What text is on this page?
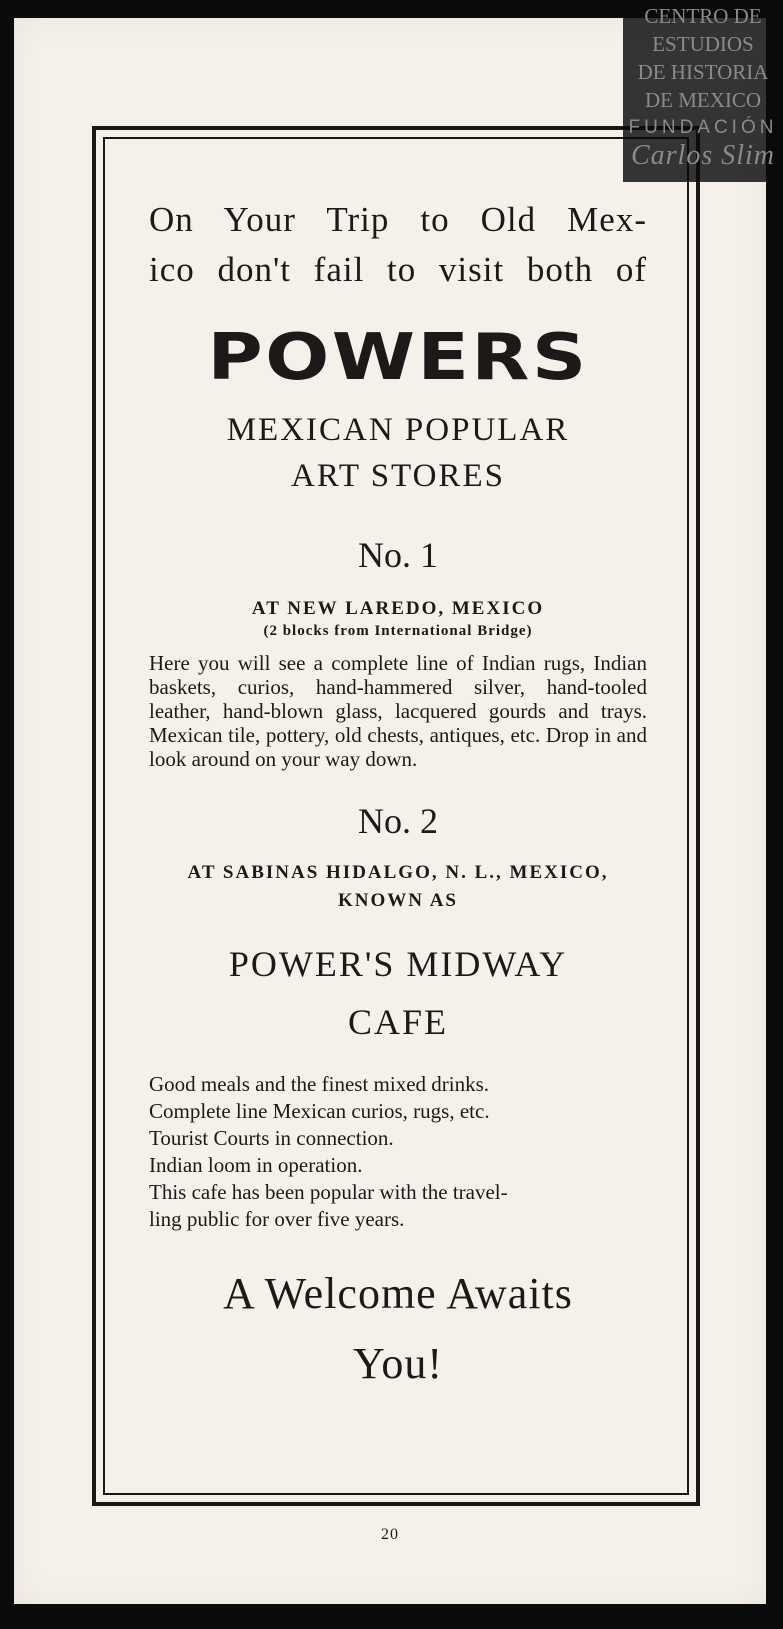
On Your Trip to Old Mex-

ico don't fail to visit both of

POWERS
MEXICAN POPULAR
ART STORES
No. 1
AT NEW LAREDO, MEXICO
(2 blocks from International Bridge)
Here you will see a complete line of Indian rugs, Indian baskets, curios, hand-hammered silver, hand-tooled leather, hand-blown glass, lacquered gourds and trays. Mexican tile, pottery, old chests, antiques, etc. Drop in and look around on your way down.
No. 2
AT SABINAS HIDALGO, N. L., MEXICO,
KNOWN AS
POWER'S MIDWAY
CAFE
Good meals and the finest mixed drinks.
Complete line Mexican curios, rugs, etc.
Tourist Courts in connection.
Indian loom in operation.
This cafe has been popular with the travel-
ling public for over five years.
A Welcome Awaits
You!
20
CENTRO DE
ESTUDIOS
DE HISTORIA
DE MEXICO
FUNDACIÓN
Carlos Slim
